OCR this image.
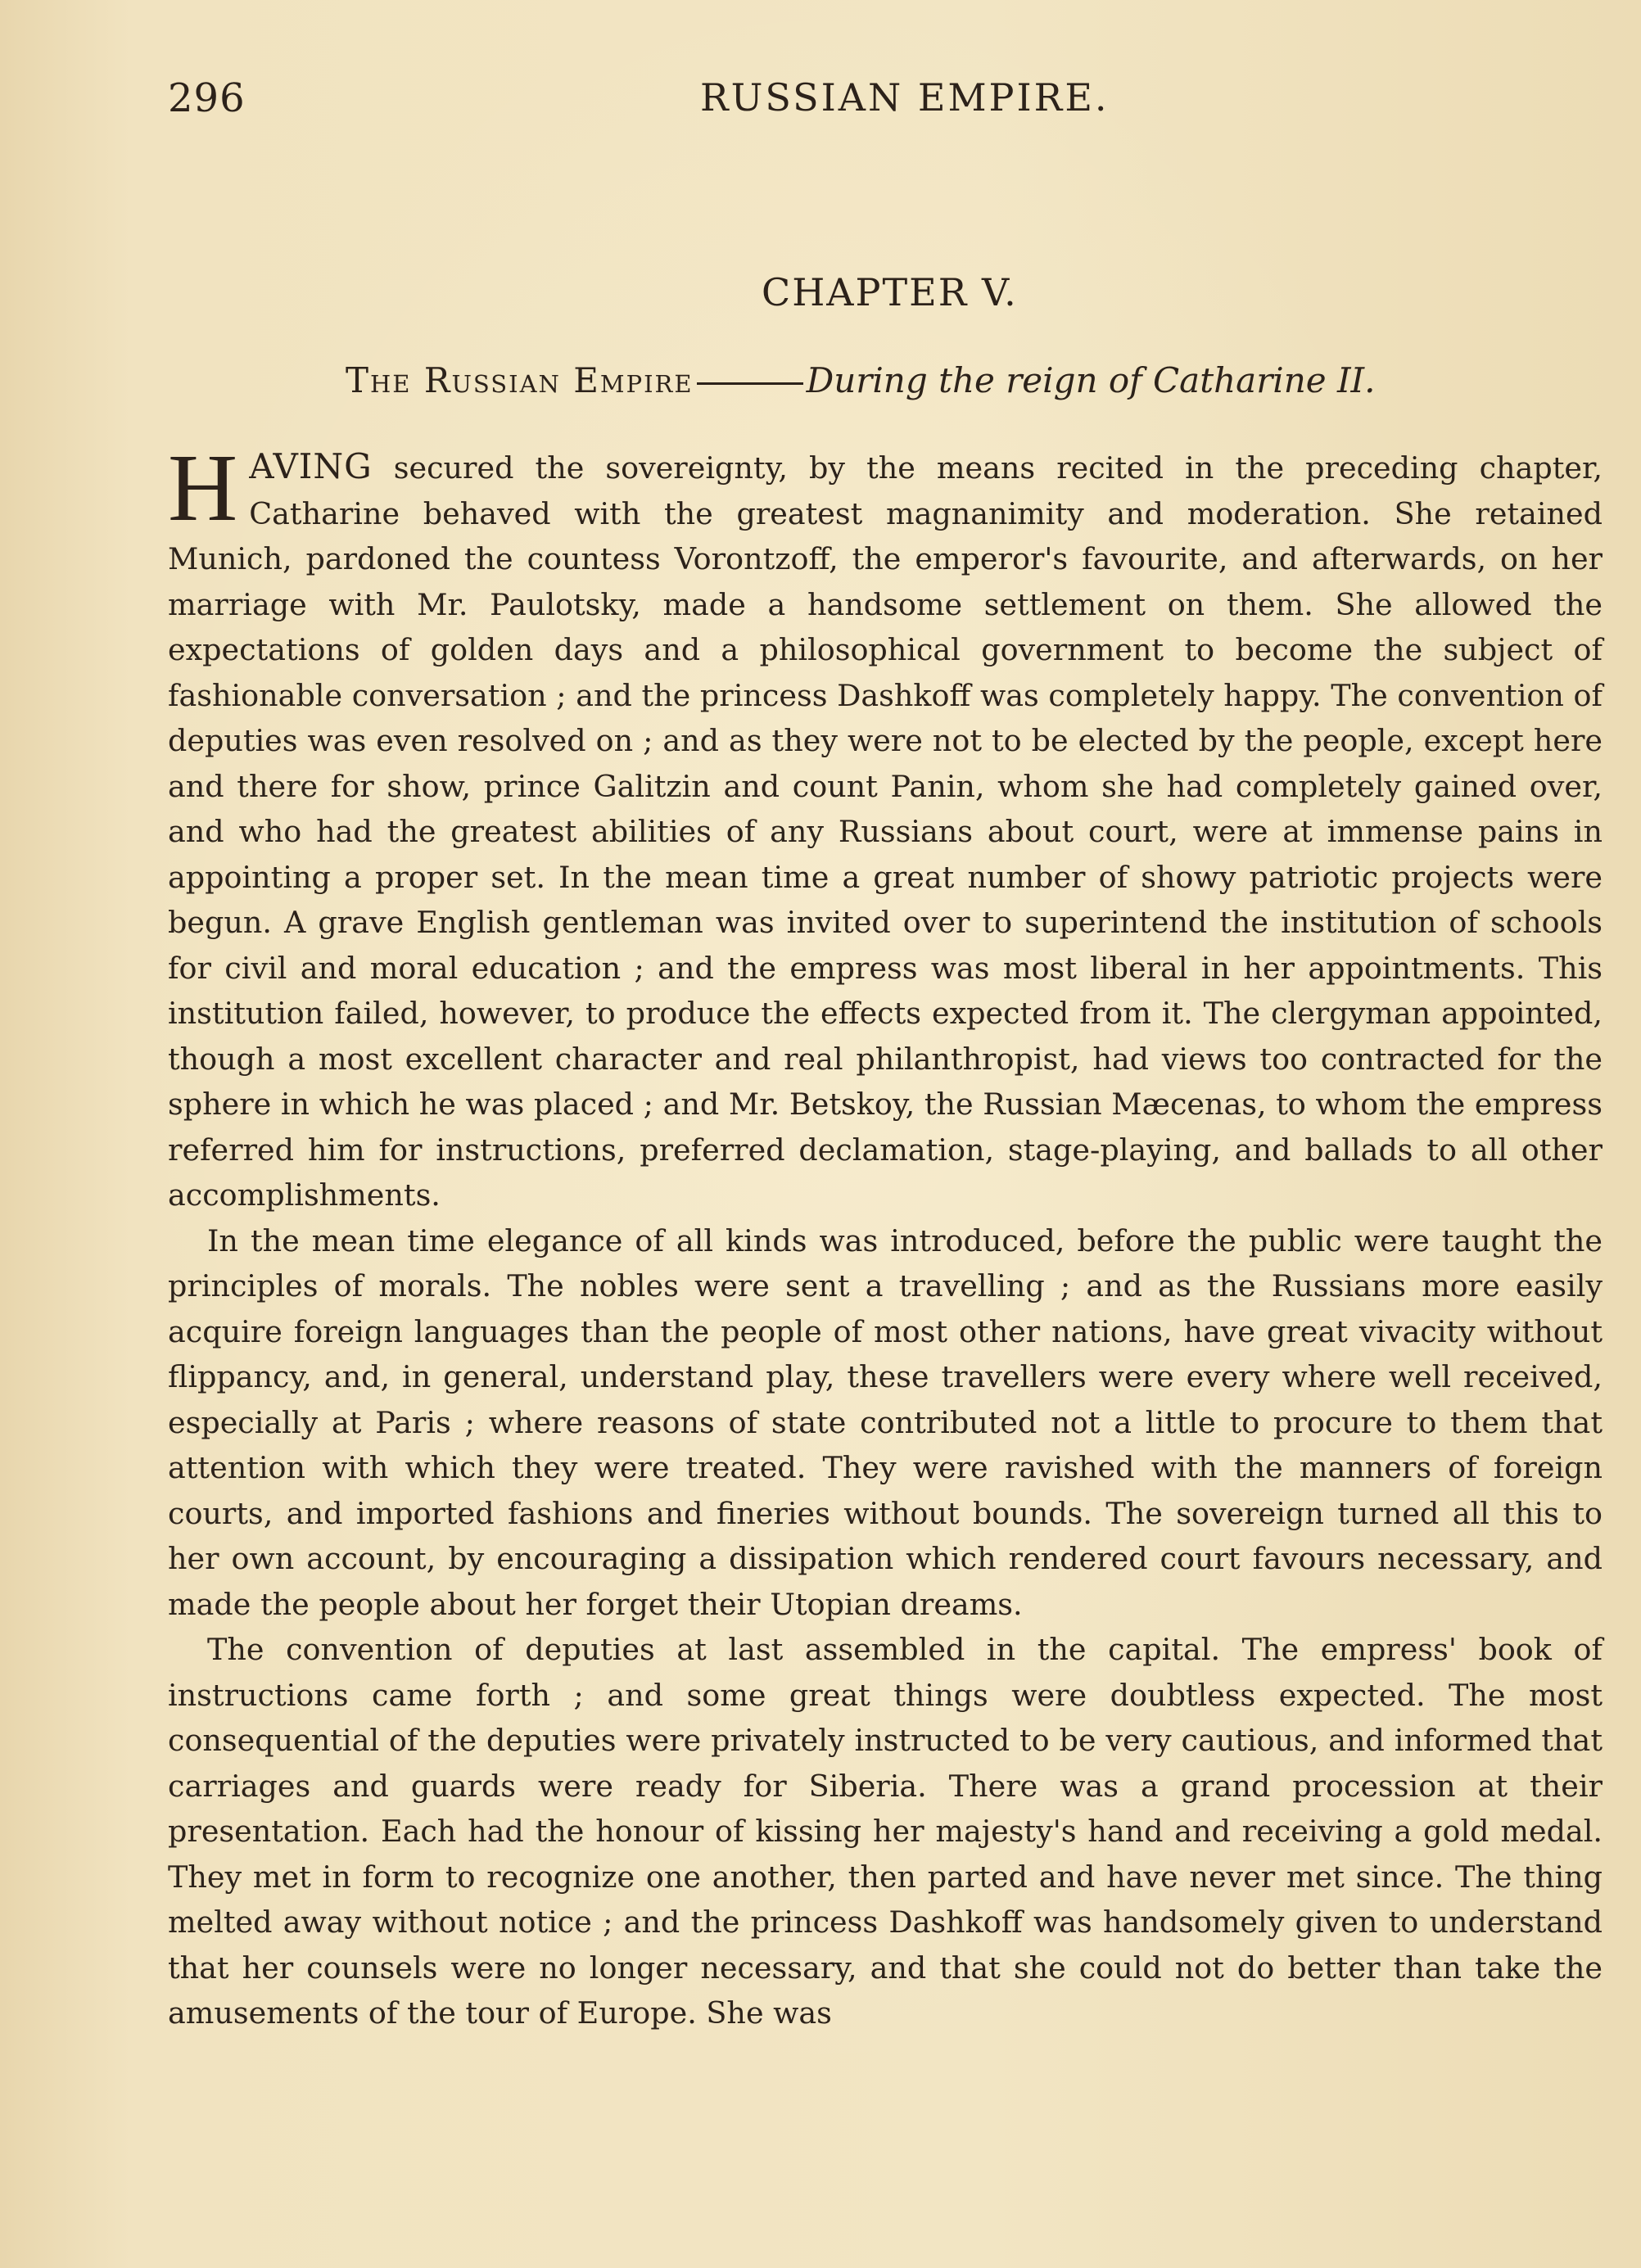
296	RUSSIAN EMPIRE.
CHAPTER V.
The Russian Empire	During the reign of Catharine II.

HAVING secured the sovereignty, by the means recited in the preceding chapter, Catharine behaved with the greatest magnanimity and moderation. She retained Munich, pardoned the countess Vorontzoff, the emperor's favourite, and afterwards, on her marriage with Mr. Paulotsky, made a handsome settlement on them. She allowed the expectations of golden days and a philosophical government to become the subject of fashionable conversation ; and the princess Dashkoff was completely happy. The convention of deputies was even resolved on ; and as they were not to be elected by the people, except here and there for show, prince Galitzin and count Panin, whom she had completely gained over, and who had the greatest abilities of any Russians about court, were at immense pains in appointing a proper set. In the mean time a great number of showy patriotic projects were begun. A grave English gentleman was invited over to superintend the institution of schools for civil and moral education ; and the empress was most liberal in her appointments. This institution failed, however, to produce the effects expected from it. The clergyman appointed, though a most excellent character and real philanthropist, had views too contracted for the sphere in which he was placed ; and Mr. Betskoy, the Russian Mæcenas, to whom the empress referred him for instructions, preferred declamation, stage-playing, and ballads to all other accomplishments.

In the mean time elegance of all kinds was introduced, before the public were taught the principles of morals. The nobles were sent a travelling ; and as the Russians more easily acquire foreign languages than the people of most other nations, have great vivacity without flippancy, and, in general, understand play, these travellers were every where well received, especially at Paris ; where reasons of state contributed not a little to procure to them that attention with which they were treated. They were ravished with the manners of foreign courts, and imported fashions and fineries without bounds. The sovereign turned all this to her own account, by encouraging a dissipation which rendered court favours necessary, and made the people about her forget their Utopian dreams.

The convention of deputies at last assembled in the capital. The empress' book of instructions came forth ; and some great things were doubtless expected. The most consequential of the deputies were privately instructed to be very cautious, and informed that carriages and guards were ready for Siberia. There was a grand procession at their presentation. Each had the honour of kissing her majesty's hand and receiving a gold medal. They met in form to recognize one another, then parted and have never met since. The thing melted away without notice ; and the princess Dashkoff was handsomely given to understand that her counsels were no longer necessary, and that she could not do better than take the amusements of the tour of Europe. She was
